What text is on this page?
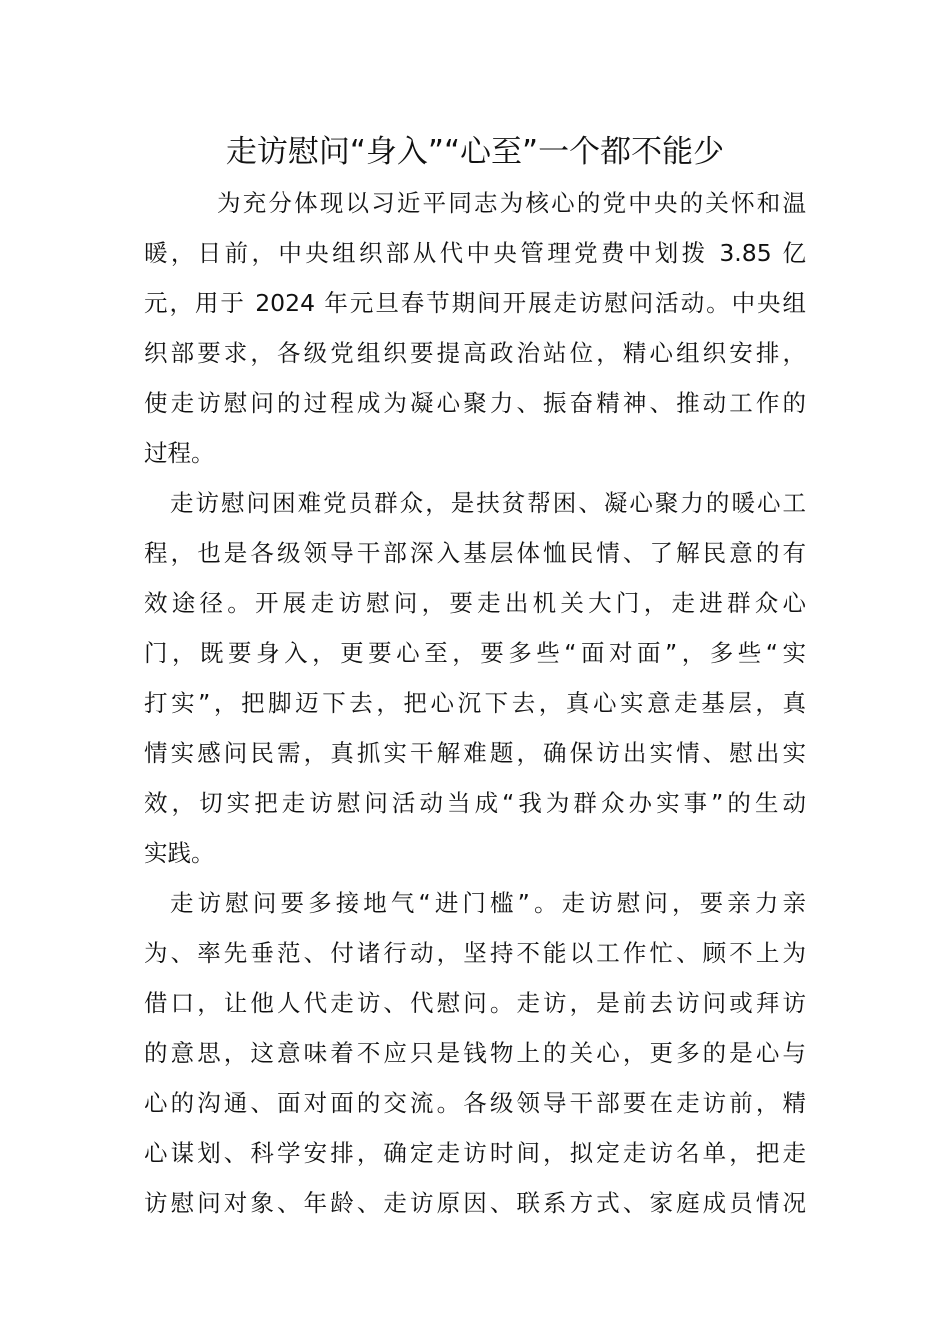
走访慰问“身入”“心至”一个都不能少
为充分体现以习近平同志为核心的党中央的关怀和温
暖，日前，中央组织部从代中央管理党费中划拨 3.85 亿
元，用于 2024 年元旦春节期间开展走访慰问活动。中央组
织部要求，各级党组织要提高政治站位，精心组织安排，
使走访慰问的过程成为凝心聚力、振奋精神、推动工作的
过程。
走访慰问困难党员群众，是扶贫帮困、凝心聚力的暖心工
程，也是各级领导干部深入基层体恤民情、了解民意的有
效途径。开展走访慰问，要走出机关大门，走进群众心
门，既要身入，更要心至，要多些“面对面”，多些“实
打实”，把脚迈下去，把心沉下去，真心实意走基层，真
情实感问民需，真抓实干解难题，确保访出实情、慰出实
效，切实把走访慰问活动当成“我为群众办实事”的生动
实践。
走访慰问要多接地气“进门槛”。走访慰问，要亲力亲
为、率先垂范、付诸行动，坚持不能以工作忙、顾不上为
借口，让他人代走访、代慰问。走访，是前去访问或拜访
的意思，这意味着不应只是钱物上的关心，更多的是心与
心的沟通、面对面的交流。各级领导干部要在走访前，精
心谋划、科学安排，确定走访时间，拟定走访名单，把走
访慰问对象、年龄、走访原因、联系方式、家庭成员情况
